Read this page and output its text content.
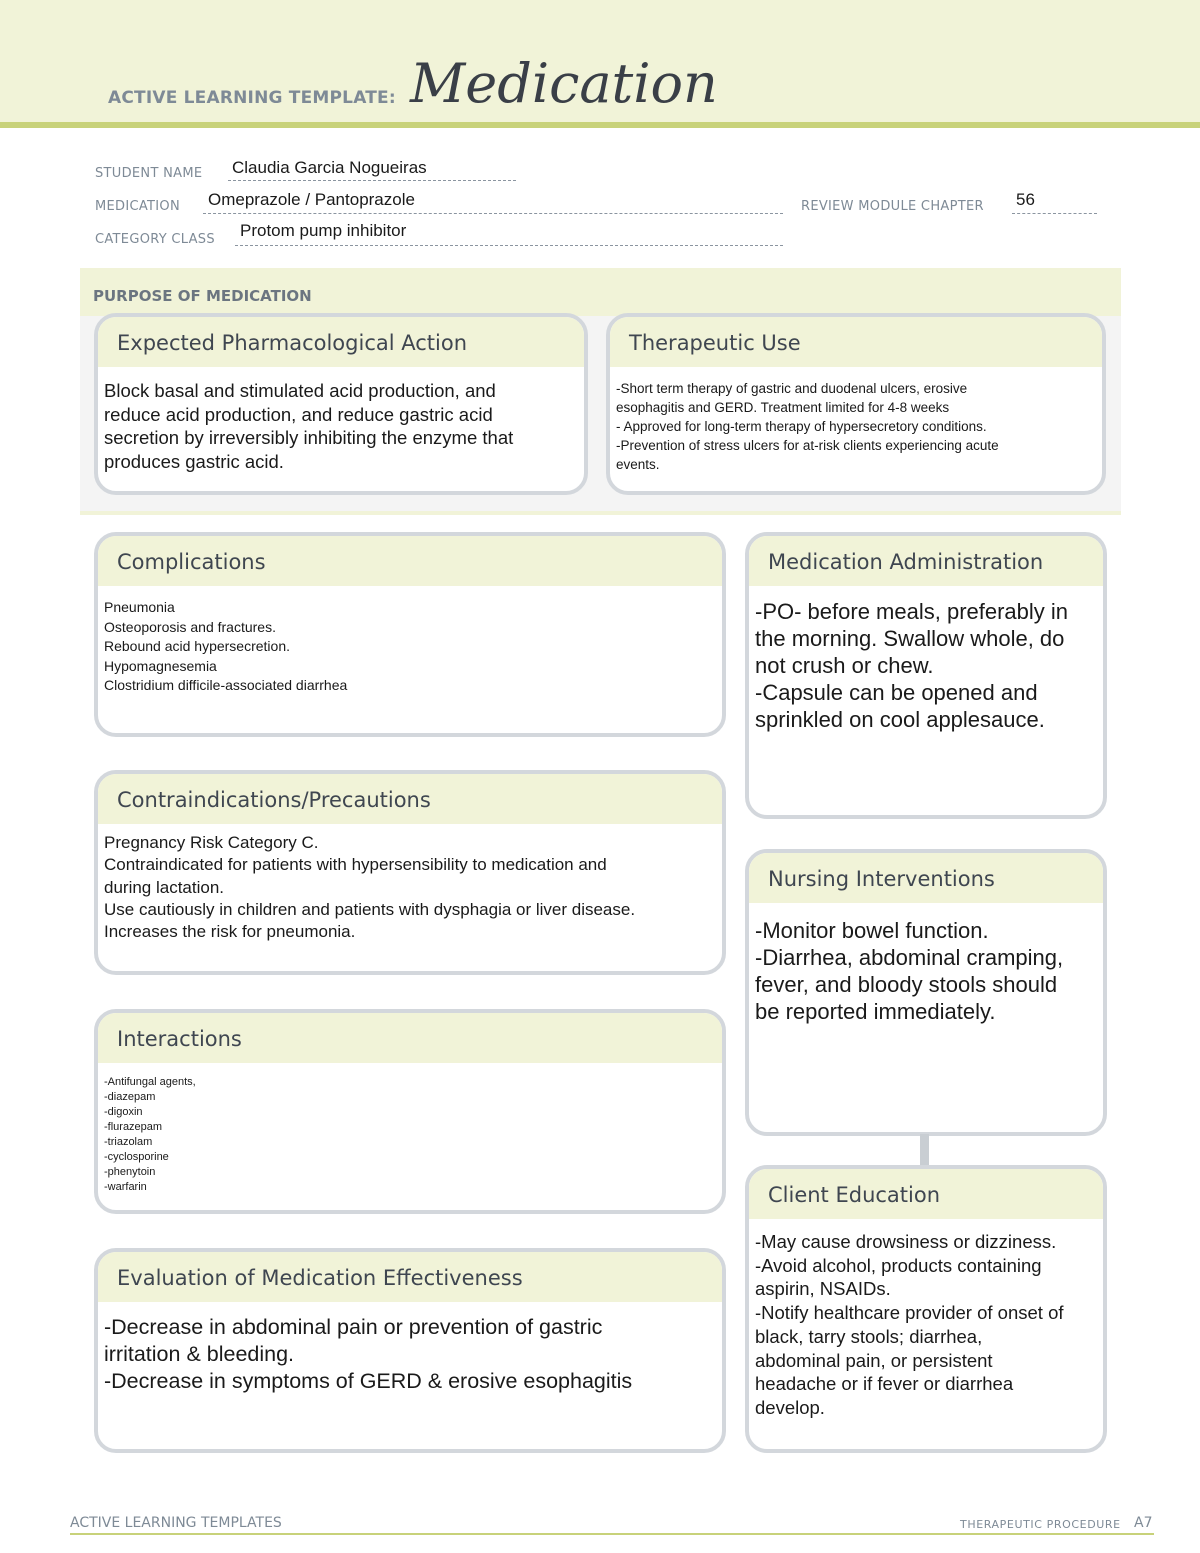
ACTIVE LEARNING TEMPLATE: Medication
STUDENT NAME Claudia Garcia Nogueiras
MEDICATION Omeprazole / Pantoprazole	REVIEW MODULE CHAPTER 56
CATEGORY CLASS Protom pump inhibitor
PURPOSE OF MEDICATION
Expected Pharmacological Action
Block basal and stimulated acid production, and
reduce acid production, and reduce gastric acid
secretion by irreversibly inhibiting the enzyme that
produces gastric acid.
Therapeutic Use
-Short term therapy of gastric and duodenal ulcers, erosive
esophagitis and GERD. Treatment limited for 4-8 weeks
- Approved for long-term therapy of hypersecretory conditions.
-Prevention of stress ulcers for at-risk clients experiencing acute
events.
Complications
Pneumonia
Osteoporosis and fractures.
Rebound acid hypersecretion.
Hypomagnesemia
Clostridium difficile-associated diarrhea
Contraindications/Precautions
Pregnancy Risk Category C.
Contraindicated for patients with hypersensibility to medication and
during lactation.
Use cautiously in children and patients with dysphagia or liver disease.
Increases the risk for pneumonia.
Interactions
-Antifungal agents,
-diazepam
-digoxin
-flurazepam
-triazolam
-cyclosporine
-phenytoin
-warfarin
Evaluation of Medication Effectiveness
-Decrease in abdominal pain or prevention of gastric
irritation & bleeding.
-Decrease in symptoms of GERD & erosive esophagitis
Medication Administration
-PO- before meals, preferably in
the morning. Swallow whole, do
not crush or chew.
-Capsule can be opened and
sprinkled on cool applesauce.
Nursing Interventions
-Monitor bowel function.
-Diarrhea, abdominal cramping,
fever, and bloody stools should
be reported immediately.
Client Education
-May cause drowsiness or dizziness.
-Avoid alcohol, products containing
aspirin, NSAIDs.
-Notify healthcare provider of onset of
black, tarry stools; diarrhea,
abdominal pain, or persistent
headache or if fever or diarrhea
develop.
ACTIVE LEARNING TEMPLATES	THERAPEUTIC PROCEDURE A7
